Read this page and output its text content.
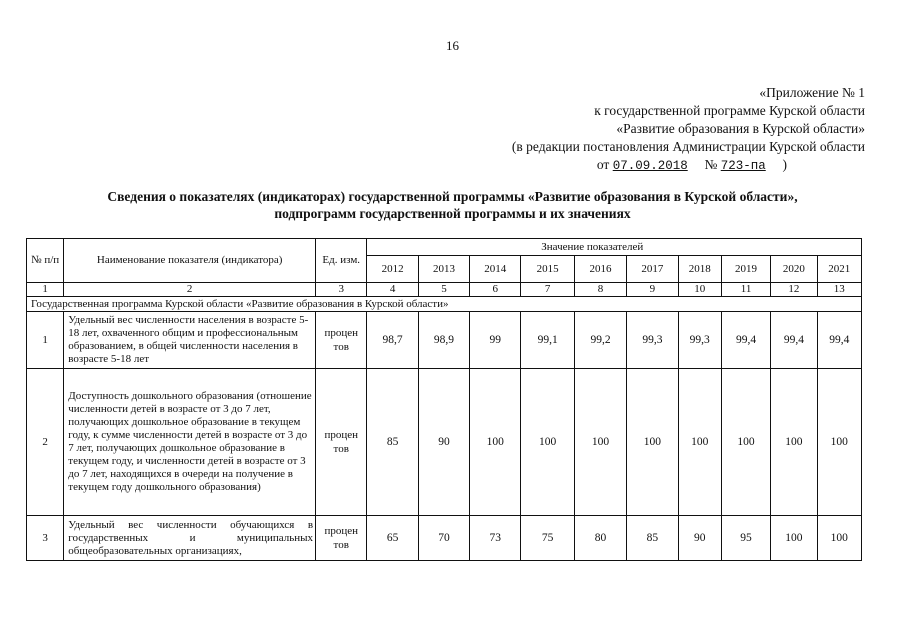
16
«Приложение № 1
к государственной программе Курской области
«Развитие образования в Курской области»
(в редакции постановления Администрации Курской области
от 07.09.2018 № 723-па )
Сведения о показателях (индикаторах) государственной программы «Развитие образования в Курской области»,
подпрограмм государственной программы и их значениях
№ п/п	Наименование показателя (индикатора)	Ед. изм.	Значение показателей									
			2012	2013	2014	2015	2016	2017	2018	2019	2020	2021
1	2	3	4	5	6	7	8	9	10	11	12	13
Государственная программа Курской области «Развитие образования в Курской области»												
1	Удельный вес численности населения в возрасте 5-18 лет, охваченного общим и профессиональным образованием, в общей численности населения в возрасте 5-18 лет	процен тов	98,7	98,9	99	99,1	99,2	99,3	99,3	99,4	99,4	99,4
2	Доступность дошкольного образования (отношение численности детей в возрасте от 3 до 7 лет, получающих дошкольное образование в текущем году, к сумме численности детей в возрасте от 3 до 7 лет, получающих дошкольное образование в текущем году, и численности детей в возрасте от 3 до 7 лет, находящихся в очереди на получение в текущем году дошкольного образования)	процен тов	85	90	100	100	100	100	100	100	100	100
3	Удельный вес численности обучающихся в государственных и муниципальных общеобразовательных организациях,	процен тов	65	70	73	75	80	85	90	95	100	100
